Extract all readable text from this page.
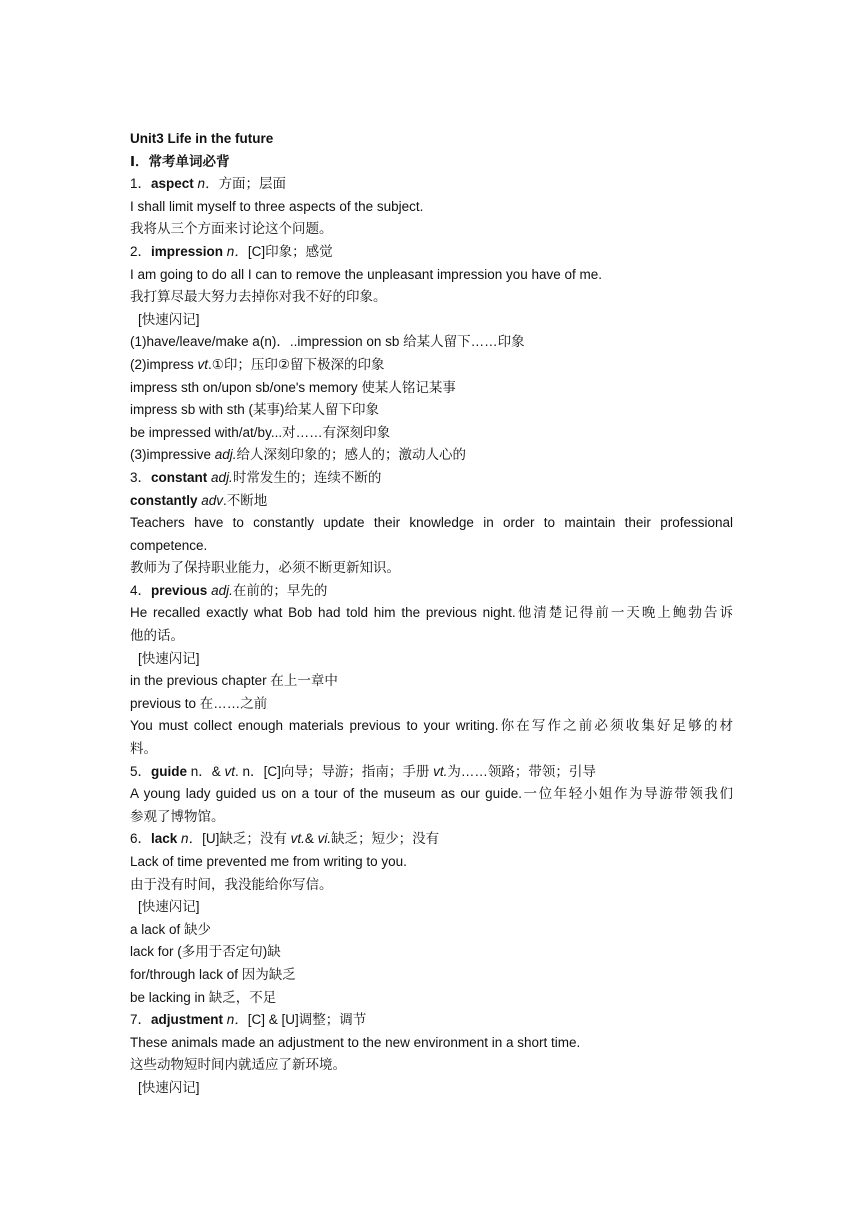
Unit3 Life in the future
Ⅰ．常考单词必背
1．aspect n．方面；层面
I shall limit myself to three aspects of the subject.
我将从三个方面来讨论这个问题。
2．impression n．[C]印象；感觉
I am going to do all I can to remove the unpleasant impression you have of me.
我打算尽最大努力去掉你对我不好的印象。
[快速闪记]
(1)have/leave/make a(n)．..impression on sb 给某人留下……印象
(2)impress vt.①印；压印②留下极深的印象
impress sth on/upon sb/one's memory 使某人铭记某事
impress sb with sth (某事)给某人留下印象
be impressed with/at/by...对……有深刻印象
(3)impressive adj.给人深刻印象的；感人的；激动人心的
3．constant adj.时常发生的；连续不断的
constantly adv.不断地
Teachers have to constantly update their knowledge in order to maintain their professional
competence.
教师为了保持职业能力，必须不断更新知识。
4．previous adj.在前的；早先的
He recalled exactly what Bob had told him the previous night.他清楚记得前一天晚上鲍勃告诉
他的话。
[快速闪记]
in the previous chapter 在上一章中
previous to 在……之前
You must collect enough materials previous to your writing.你在写作之前必须收集好足够的材
料。
5．guide n．& vt. n．[C]向导；导游；指南；手册 vt.为……领路；带领；引导
A young lady guided us on a tour of the museum as our guide.一位年轻小姐作为导游带领我们
参观了博物馆。
6．lack n．[U]缺乏；没有 vt.& vi.缺乏；短少；没有
Lack of time prevented me from writing to you.
由于没有时间，我没能给你写信。
[快速闪记]
a lack of 缺少
lack for (多用于否定句)缺
for/through lack of 因为缺乏
be lacking in 缺乏，不足
7．adjustment n．[C] & [U]调整；调节
These animals made an adjustment to the new environment in a short time.
这些动物短时间内就适应了新环境。
[快速闪记]
